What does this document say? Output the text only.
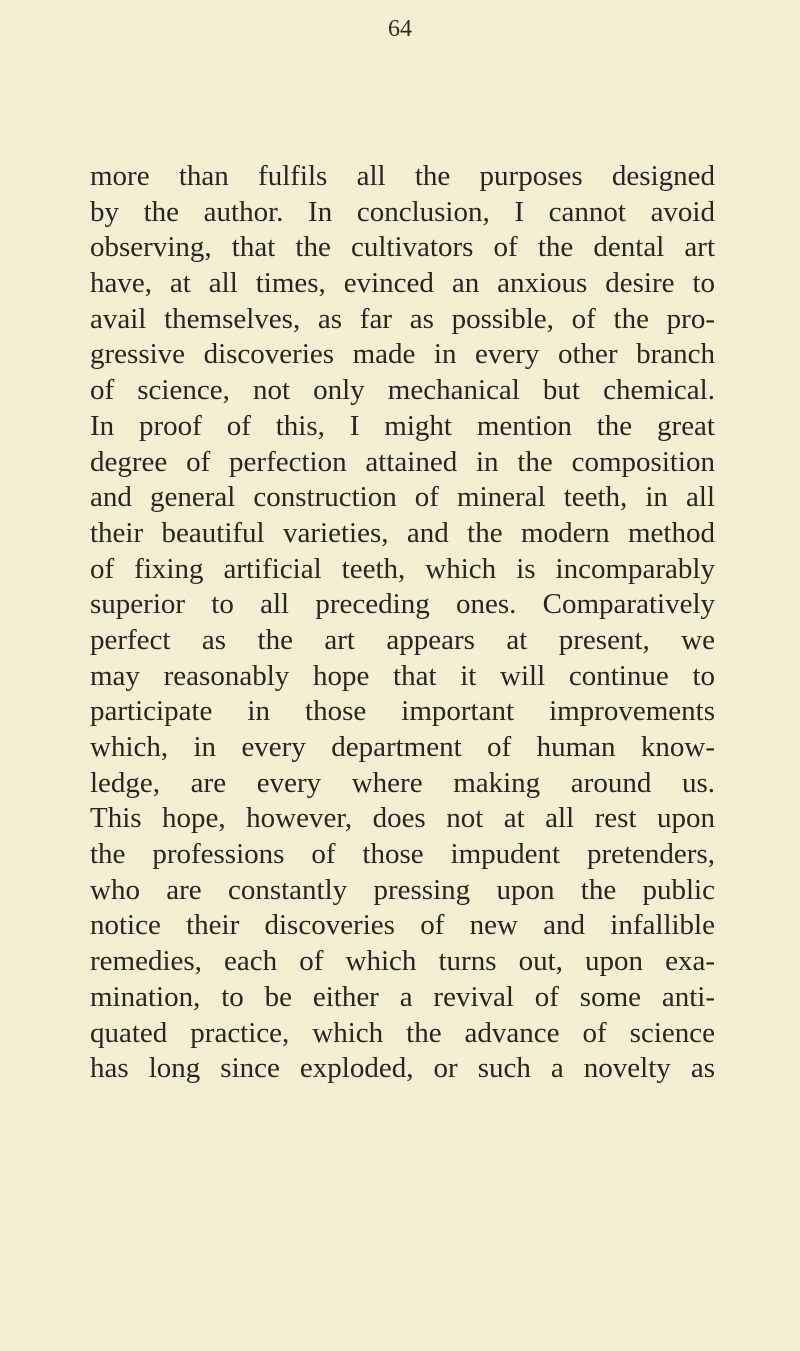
64
more than fulfils all the purposes designed
by the author. In conclusion, I cannot avoid
observing, that the cultivators of the dental art
have, at all times, evinced an anxious desire to
avail themselves, as far as possible, of the pro-
gressive discoveries made in every other branch
of science, not only mechanical but chemical.
In proof of this, I might mention the great
degree of perfection attained in the composition
and general construction of mineral teeth, in all
their beautiful varieties, and the modern method
of fixing artificial teeth, which is incomparably
superior to all preceding ones. Comparatively
perfect as the art appears at present, we
may reasonably hope that it will continue to
participate in those important improvements
which, in every department of human know-
ledge, are every where making around us.
This hope, however, does not at all rest upon
the professions of those impudent pretenders,
who are constantly pressing upon the public
notice their discoveries of new and infallible
remedies, each of which turns out, upon exa-
mination, to be either a revival of some anti-
quated practice, which the advance of science
has long since exploded, or such a novelty as
